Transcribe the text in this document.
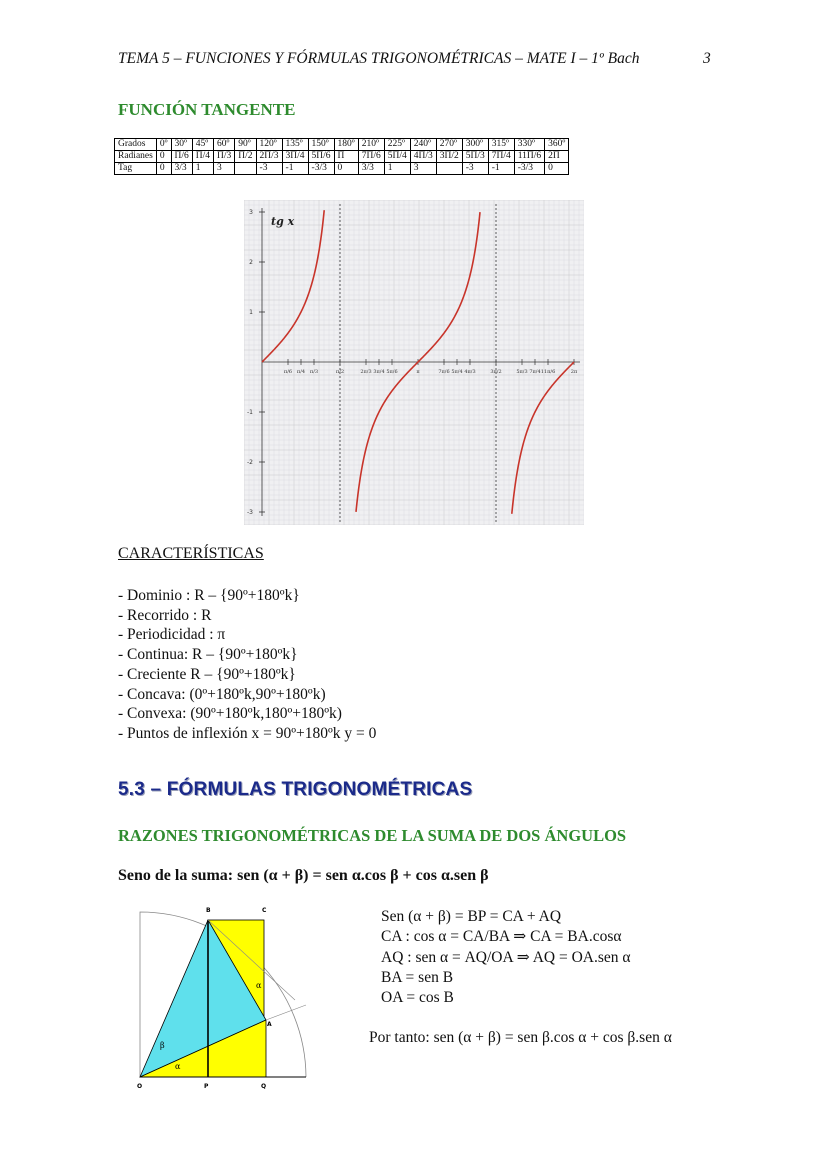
TEMA 5 – FUNCIONES Y FÓRMULAS TRIGONOMÉTRICAS – MATE I – 1º Bach	3
FUNCIÓN TANGENTE
Grados	0º	30º	45º	60º	90º	120º	135º	150º	180º	210º	225º	240º	270º	300º	315º	330º	360º
Radianes	0	Π/6	Π/4	Π/3	Π/2	2Π/3	3Π/4	5Π/6	Π	7Π/6	5Π/4	4Π/3	3Π/2	5Π/3	7Π/4	11Π/6	2Π
Tag	0	3/3	1	3		-3	-1	-3/3	0	3/3	1	3		-3	-1	-3/3	0
3
2
1
-1
-2
-3
π/6 π/4 π/3	π/2	2π/3 3π/4 5π/6	π	7π/6 5π/4 4π/3	3π/2	5π/3 7π/4 11π/6	2π
tg x
CARACTERÍSTICAS
- Dominio : R – {90º+180ºk}
- Recorrido : R
- Periodicidad : π
- Continua: R – {90º+180ºk}
- Creciente R – {90º+180ºk}
- Concava: (0º+180ºk,90º+180ºk)
- Convexa: (90º+180ºk,180º+180ºk)
- Puntos de inflexión x = 90º+180ºk y = 0
5.3 – FÓRMULAS TRIGONOMÉTRICAS
RAZONES TRIGONOMÉTRICAS DE LA SUMA DE DOS ÁNGULOS
Seno de la suma: sen (α + β) = sen α.cos β + cos α.sen β
B	C
A
O	P	Q
α
β
α
Sen (α + β) = BP = CA + AQ
CA : cos α = CA/BA ⇒ CA = BA.cosα
AQ : sen α = AQ/OA ⇒ AQ = OA.sen α
BA = sen B
OA = cos B
Por tanto: sen (α + β) = sen β.cos α + cos β.sen α
